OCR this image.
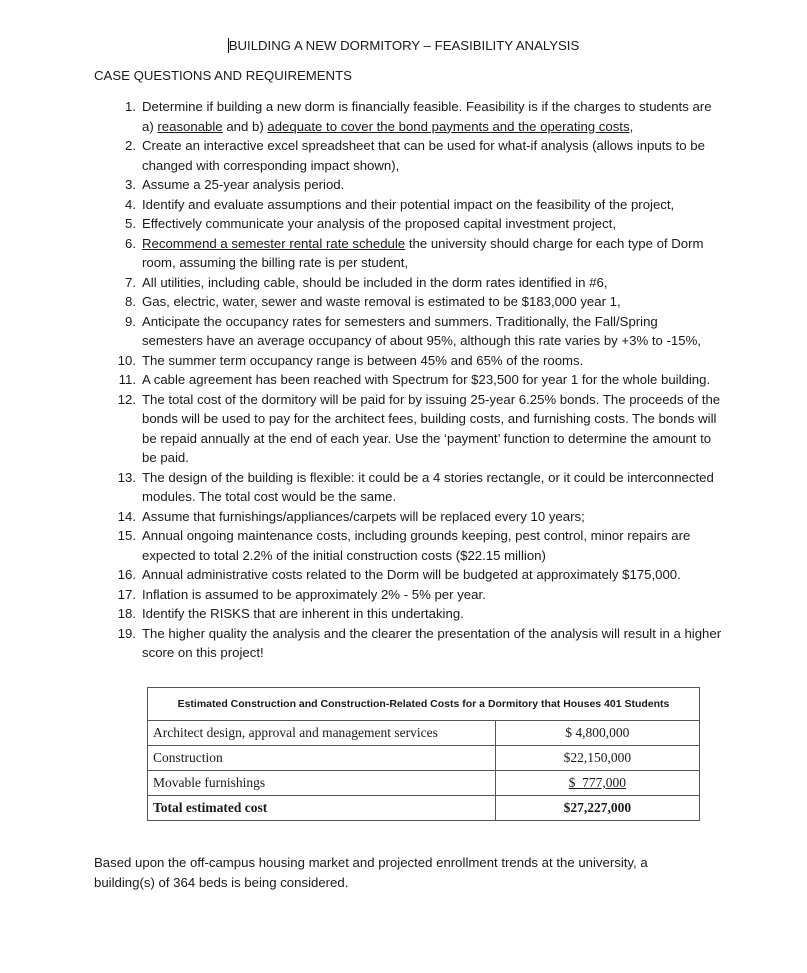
BUILDING A NEW DORMITORY – FEASIBILITY ANALYSIS
CASE QUESTIONS AND REQUIREMENTS
1. Determine if building a new dorm is financially feasible. Feasibility is if the charges to students are a) reasonable and b) adequate to cover the bond payments and the operating costs,
2. Create an interactive excel spreadsheet that can be used for what-if analysis (allows inputs to be changed with corresponding impact shown),
3. Assume a 25-year analysis period.
4. Identify and evaluate assumptions and their potential impact on the feasibility of the project,
5. Effectively communicate your analysis of the proposed capital investment project,
6. Recommend a semester rental rate schedule the university should charge for each type of Dorm room, assuming the billing rate is per student,
7. All utilities, including cable, should be included in the dorm rates identified in #6,
8. Gas, electric, water, sewer and waste removal is estimated to be $183,000 year 1,
9. Anticipate the occupancy rates for semesters and summers. Traditionally, the Fall/Spring semesters have an average occupancy of about 95%, although this rate varies by +3% to -15%,
10. The summer term occupancy range is between 45% and 65% of the rooms.
11. A cable agreement has been reached with Spectrum for $23,500 for year 1 for the whole building.
12. The total cost of the dormitory will be paid for by issuing 25-year 6.25% bonds. The proceeds of the bonds will be used to pay for the architect fees, building costs, and furnishing costs. The bonds will be repaid annually at the end of each year. Use the ‘payment’ function to determine the amount to be paid.
13. The design of the building is flexible: it could be a 4 stories rectangle, or it could be interconnected modules. The total cost would be the same.
14. Assume that furnishings/appliances/carpets will be replaced every 10 years;
15. Annual ongoing maintenance costs, including grounds keeping, pest control, minor repairs are expected to total 2.2% of the initial construction costs ($22.15 million)
16. Annual administrative costs related to the Dorm will be budgeted at approximately $175,000.
17. Inflation is assumed to be approximately 2% - 5% per year.
18. Identify the RISKS that are inherent in this undertaking.
19. The higher quality the analysis and the clearer the presentation of the analysis will result in a higher score on this project!
Estimated Construction and Construction-Related Costs for a Dormitory that Houses 401 Students	
Architect design, approval and management services	$ 4,800,000
Construction	$22,150,000
Movable furnishings	$  777,000
Total estimated cost	$27,227,000
Based upon the off-campus housing market and projected enrollment trends at the university, a building(s) of 364 beds is being considered.
